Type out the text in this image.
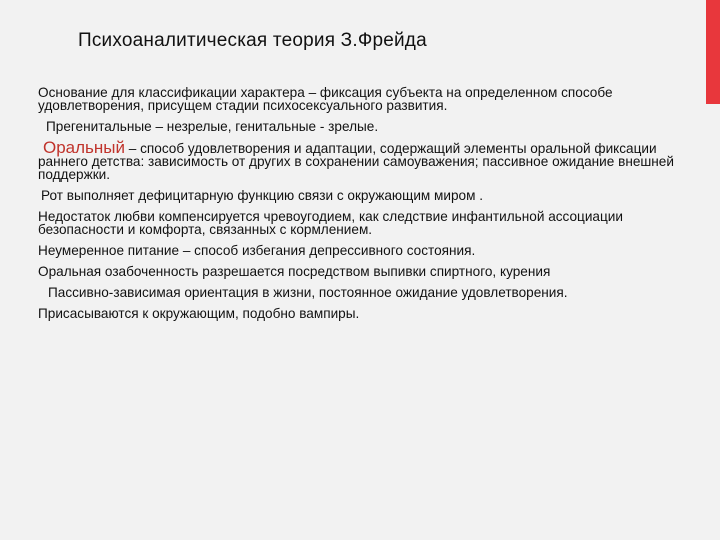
Психоаналитическая теория З.Фрейда

Основание для классификации характера – фиксация субъекта на определенном способе удовлетворения, присущем стадии психосексуального развития.

Прегенитальные – незрелые, генитальные - зрелые.

Оральный – способ удовлетворения и адаптации, содержащий элементы оральной фиксации раннего детства: зависимость от других в сохранении самоуважения; пассивное ожидание внешней поддержки.

Рот выполняет дефицитарную функцию связи с окружающим миром .

Недостаток любви компенсируется чревоугодием, как следствие инфантильной ассоциации безопасности и комфорта, связанных с кормлением.

Неумеренное питание – способ избегания депрессивного состояния.

Оральная озабоченность разрешается посредством выпивки спиртного, курения

Пассивно-зависимая ориентация в жизни, постоянное ожидание удовлетворения.

Присасываются к окружающим, подобно вампиры.
